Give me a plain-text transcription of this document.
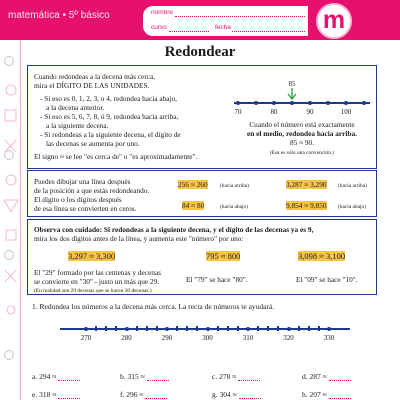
matemática • 5º básico	nombre
curso	fecha	m
Redondear
Cuando redondeas a la decena más cerca,
mira el DÍGITO DE LAS UNIDADES.
- Si eso es 0, 1, 2, 3, o 4, redondea hacia abajo,
a la decena anterior.
- Si eso es 5, 6, 7, 8, ó 9, redondea hacia arriba,
a la siguiente decena.
- Si redondeas a la siguiente decena, el dígito de
las decenas se aumenta por uno.
El signo ≈ se lee "es cerca de" o "es aproximadamente".
70	80	90	100
85
Cuando el número está exactamente
en el medio, redondea hacia arriba.
85 ≈ 90.
(Esa es sólo una convención.)
Puedes dibujar una línea después
de la posición a que estás redondeando.
El dígito o los dígitos después
de esa línea se convierten en ceros.
256 ≈ 260 (hacia arriba)	3,287 ≈ 3,290 (hacia arriba)
84 ≈ 80	(hacia abajo)	9,854 ≈ 9,850 (hacia abajo)
Observa con cuidado: Si redondeas a la siguiente decena, y el dígito de las decenas ya es 9,
mira los dos dígitos antes de la línea, y aumenta este "número" por uno:
3,297 ≈ 3,300	795 ≈ 800	3,098 ≈ 3,100
El "29" formado por las centenas y decenas
se convierte en "30" - justo un más que 29.
(En realidad son 29 decenas que se hacen 30 decenas.)
El "79" se hace "80".	El "09" se hace "10".
1. Redondea los números a la decena más cerca. La recta de números te ayudará.
270	280	290	300	310	320	330
a. 294 ≈	b. 315 ≈	c. 278 ≈	d. 287 ≈
e. 318 ≈	f. 296 ≈	g. 304 ≈	h. 207 ≈
